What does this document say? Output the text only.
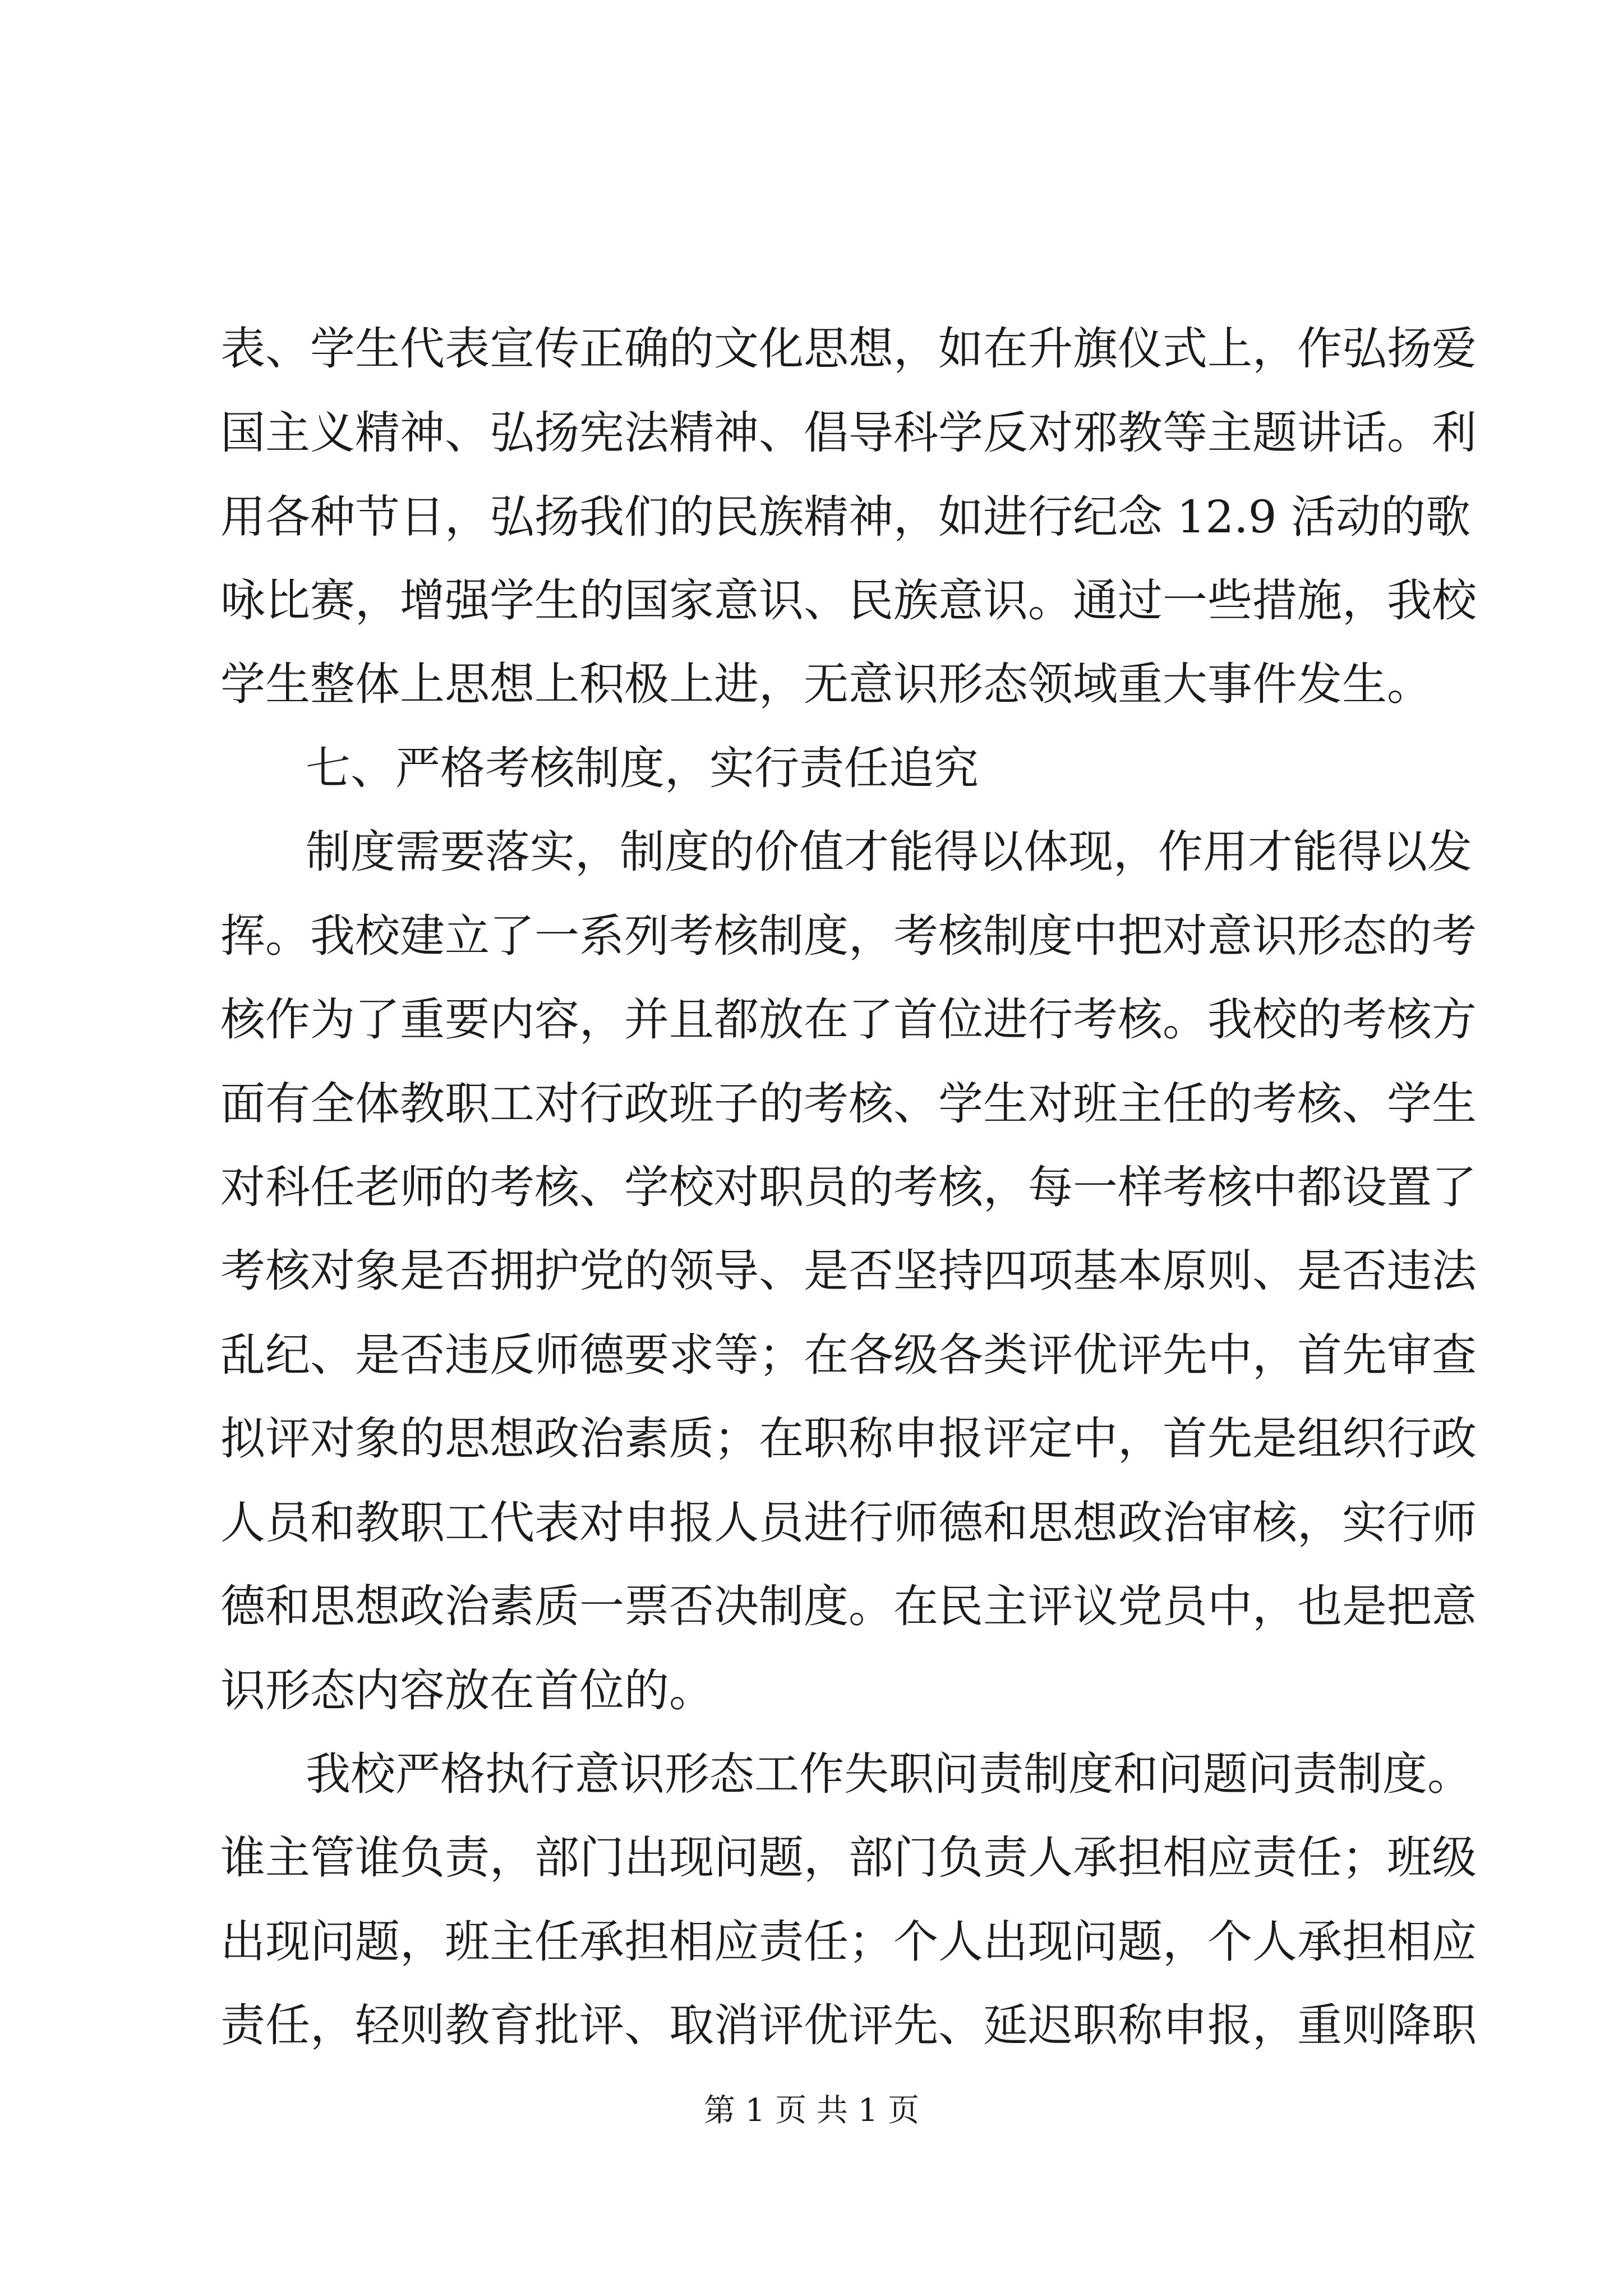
表、学生代表宣传正确的文化思想，如在升旗仪式上，作弘扬爱
国主义精神、弘扬宪法精神、倡导科学反对邪教等主题讲话。利
用各种节日，弘扬我们的民族精神，如进行纪念 12.9 活动的歌
咏比赛，增强学生的国家意识、民族意识。通过一些措施，我校
学生整体上思想上积极上进，无意识形态领域重大事件发生。
七、严格考核制度，实行责任追究
制度需要落实，制度的价值才能得以体现，作用才能得以发
挥。我校建立了一系列考核制度，考核制度中把对意识形态的考
核作为了重要内容，并且都放在了首位进行考核。我校的考核方
面有全体教职工对行政班子的考核、学生对班主任的考核、学生
对科任老师的考核、学校对职员的考核，每一样考核中都设置了
考核对象是否拥护党的领导、是否坚持四项基本原则、是否违法
乱纪、是否违反师德要求等；在各级各类评优评先中，首先审查
拟评对象的思想政治素质；在职称申报评定中，首先是组织行政
人员和教职工代表对申报人员进行师德和思想政治审核，实行师
德和思想政治素质一票否决制度。在民主评议党员中，也是把意
识形态内容放在首位的。
我校严格执行意识形态工作失职问责制度和问题问责制度。
谁主管谁负责，部门出现问题，部门负责人承担相应责任；班级
出现问题，班主任承担相应责任；个人出现问题，个人承担相应
责任，轻则教育批评、取消评优评先、延迟职称申报，重则降职
第 1 页 共 1 页
